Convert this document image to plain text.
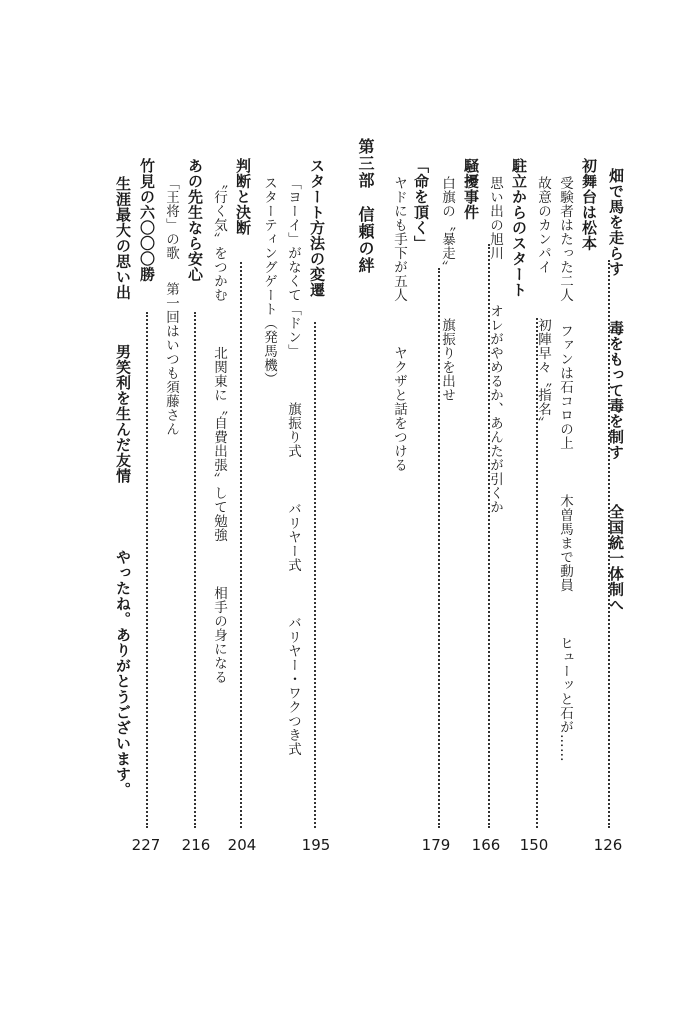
畑で馬を走らす毒をもって毒を制す全国統一体制へ
初舞台は松本
126
受験者はたった二人ファンは石コロの上木曽馬まで動員ヒューッと石が……
故意のカンパイ初陣早々〝指名〟
駐立からのスタート
150
思い出の旭川オレがやめるか、あんたが引くか
騒擾事件
166
白旗の〝暴走〟旗振りを出せ
「命を頂く」
179
ヤドにも手下が五人ヤクザと話をつける
第三部　信頼の絆
スタート方法の変遷
195
「ヨーイ」がなくて「ドン」旗振り式バリヤー式バリヤー・ワクつき式
スターティングゲート（発馬機）
判断と決断
204
〝行く気〟をつかむ北関東に〝自費出張〟して勉強相手の身になる
あの先生なら安心
216
「王将」の歌第一回はいつも須藤さん
竹見の六〇〇〇勝
227
生涯最大の思い出男笑利を生んだ友情やったね。ありがとうございます。
